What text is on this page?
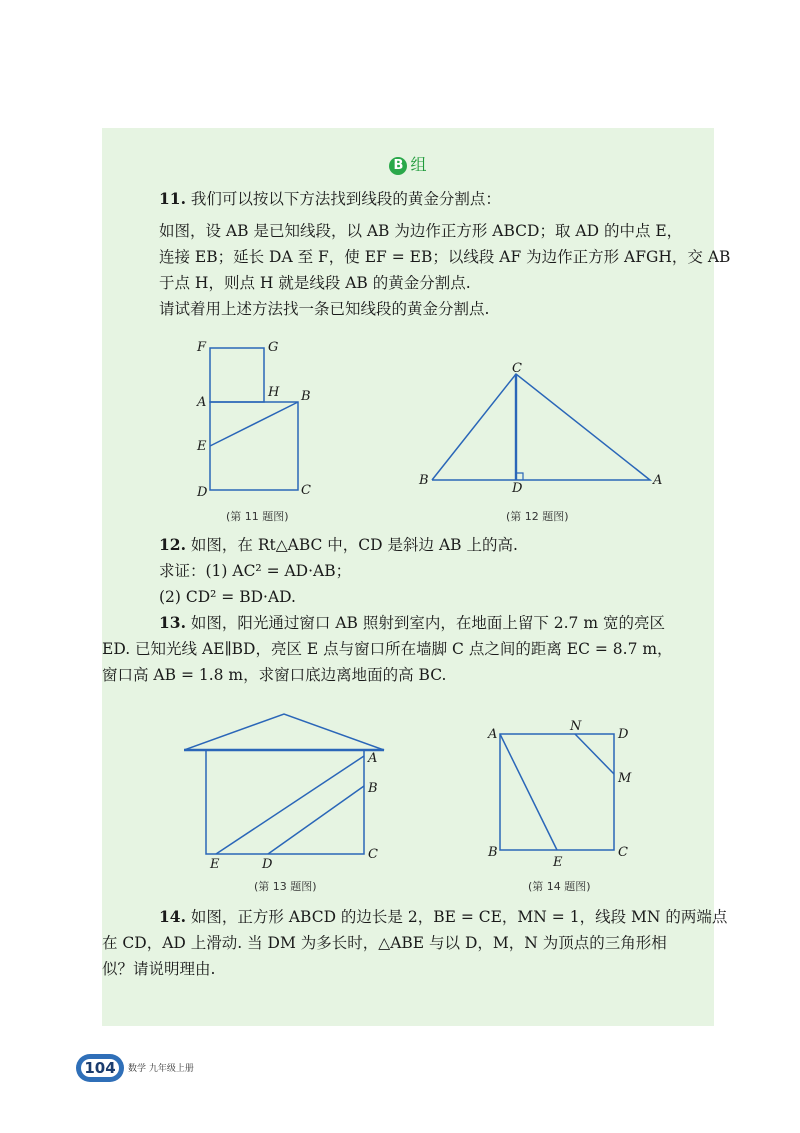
B 组

11. 我们可以按以下方法找到线段的黄金分割点：

如图，设 AB 是已知线段，以 AB 为边作正方形 ABCD；取 AD 的中点 E，

连接 EB；延长 DA 至 F，使 EF = EB；以线段 AF 为边作正方形 AFGH，交 AB

于点 H，则点 H 就是线段 AB 的黄金分割点.

请试着用上述方法找一条已知线段的黄金分割点.

F	G
A
H B
E
D	C
(第 11 题图)
C
B
D
A
(第 12 题图)

12. 如图，在 Rt△ABC 中，CD 是斜边 AB 上的高.

求证：(1) AC² = AD·AB；

(2) CD² = BD·AD.

13. 如图，阳光通过窗口 AB 照射到室内，在地面上留下 2.7 m 宽的亮区

ED. 已知光线 AE∥BD，亮区 E 点与窗口所在墙脚 C 点之间的距离 EC = 8.7 m，

窗口高 AB = 1.8 m，求窗口底边离地面的高 BC.

A
B
E	D
C
(第 13 题图)
A
N
D
M
B
E
C
(第 14 题图)

14. 如图，正方形 ABCD 的边长是 2，BE = CE，MN = 1，线段 MN 的两端点

在 CD，AD 上滑动. 当 DM 为多长时，△ABE 与以 D，M，N 为顶点的三角形相

似？请说明理由.

104	数学 九年级上册
